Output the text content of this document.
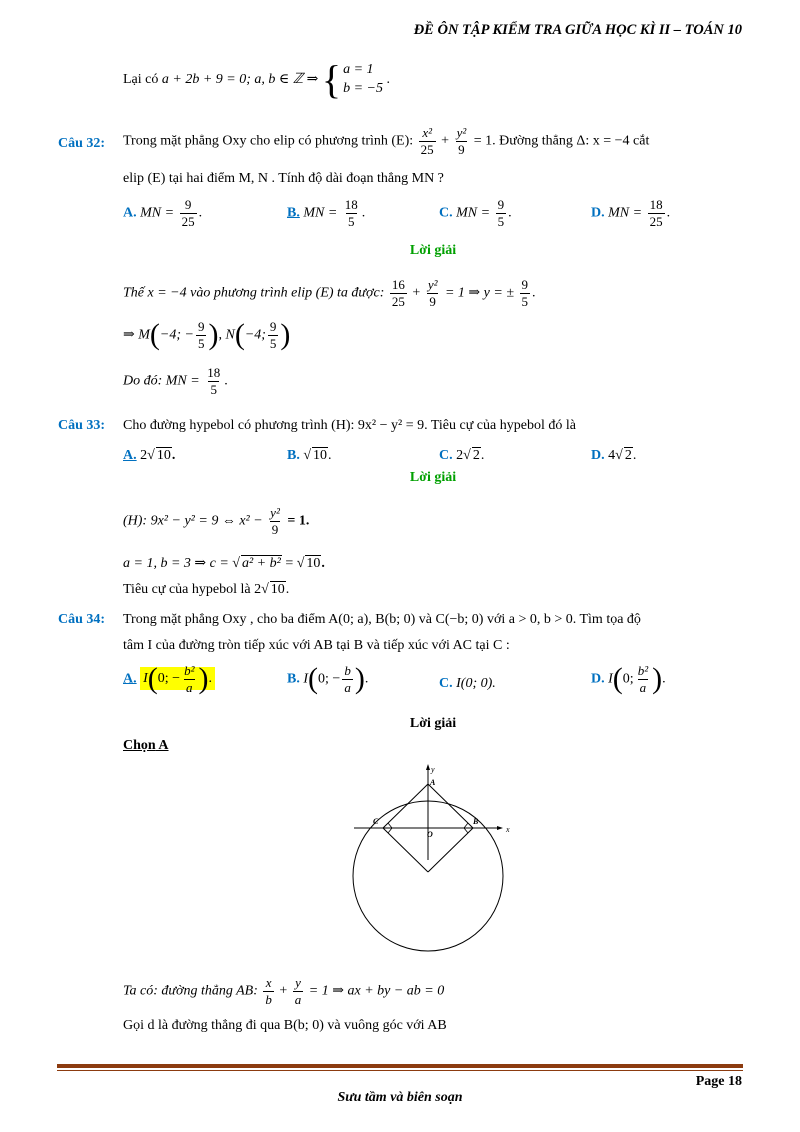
ĐỀ ÔN TẬP KIỂM TRA GIỮA HỌC KÌ II – TOÁN 10
Lại có a + 2b + 9 = 0; a, b ∈ ℤ ⇒ { a = 1
b = −5
.
Câu 32: Trong mặt phẳng Oxy cho elip có phương trình (E): $\frac{\text{x²}}{25} + \frac{\text{y²}}{9} = 1$. Đường thẳng Δ: x = −4 cắt
elip (E) tại hai điểm M, N . Tính độ dài đoạn thẳng MN ?
A. MN = $\frac{9}{25}$ .	B. MN = $\frac{18}{5}$ .	C. MN = $\frac{9}{5}$ .	D. MN = $\frac{18}{25}$ .
Lời giải
Thế x = −4 vào phương trình elip (E) ta được: $\frac{16}{25} + \frac{\text{y²}}{9} = 1$ ⇒ y = ± $\frac{9}{5}$ .
⇒ M(−4; − $\frac{9}{5}$ ), N(−4; $\frac{9}{5}$ )
Do đó: MN = $\frac{18}{5}$ .
Câu 33: Cho đường hypebol có phương trình (H): 9x² − y² = 9. Tiêu cự của hypebol đó là
A. 2√ 10.	B. √ 10.	C. 2√ 2.	D. 4√ 2.
Lời giải
(H): 9x² − y² = 9 ⇔ $x^2 - \frac{\text{y²}}{9} = 1$.
a = 1, b = 3 ⇒ c = √ a² + b² = √ 10.
Tiêu cự của hypebol là 2√ 10.
Câu 34: Trong mặt phẳng Oxy , cho ba điểm A(0; a), B(b; 0) và C(−b; 0) với a > 0, b > 0. Tìm tọa độ
tâm I của đường tròn tiếp xúc với AB tại B và tiếp xúc với AC tại C :
A. I(0; − $\frac{\text{b²}}{a}$ ).	B. I(0; − $\frac{b}{a}$ ).	C. I(0; 0).	D. I(0; $\frac{\text{b²}}{a}$ ).
Lời giải
Chọn A
y
x
A
B
C
O
Ta có: đường thẳng AB: $\frac{x}{b} + \frac{y}{a} = 1$ ⇒ ax + by − ab = 0
Gọi d là đường thẳng đi qua B(b; 0) và vuông góc với AB
Page 18
Sưu tầm và biên soạn
